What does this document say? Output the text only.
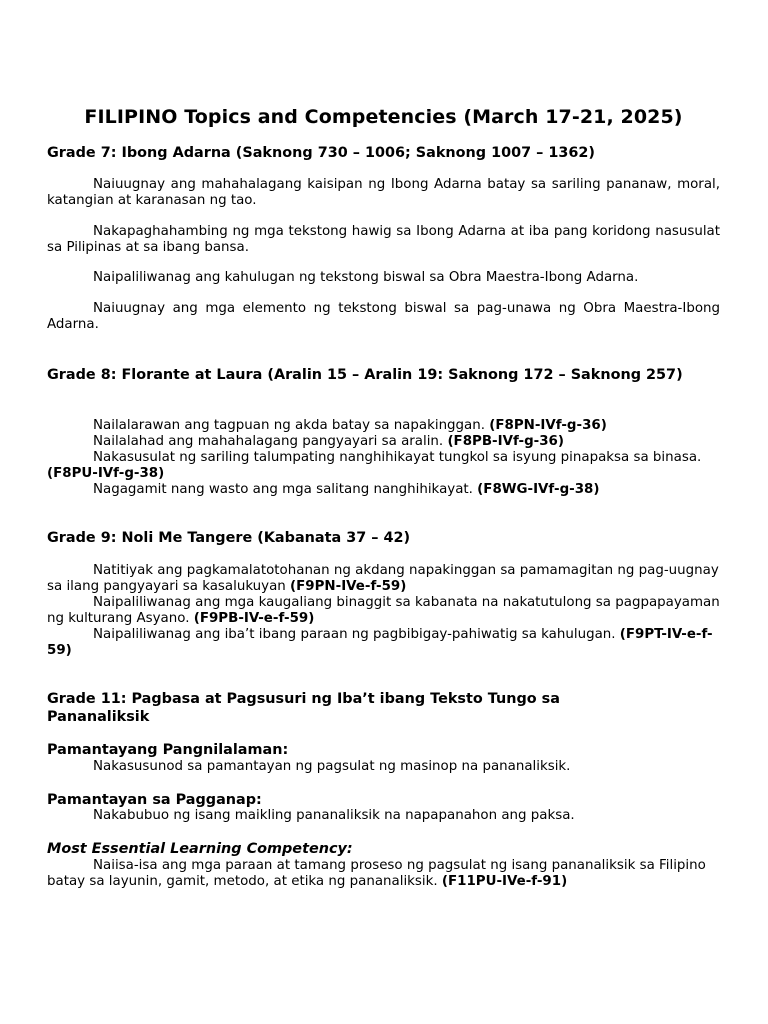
FILIPINO Topics and Competencies (March 17-21, 2025)
Grade 7: Ibong Adarna (Saknong 730 – 1006; Saknong 1007 – 1362)

Naiuugnay ang mahahalagang kaisipan ng Ibong Adarna batay sa sariling pananaw, moral, katangian at karanasan ng tao.

Nakapaghahambing ng mga tekstong hawig sa Ibong Adarna at iba pang koridong nasusulat sa Pilipinas at sa ibang bansa.

Naipaliliwanag ang kahulugan ng tekstong biswal sa Obra Maestra-Ibong Adarna.

Naiuugnay ang mga elemento ng tekstong biswal sa pag-unawa ng Obra Maestra-Ibong Adarna.

Grade 8: Florante at Laura (Aralin 15 – Aralin 19: Saknong 172 – Saknong 257)

Nailalarawan ang tagpuan ng akda batay sa napakinggan. (F8PN-IVf-g-36)

Nailalahad ang mahahalagang pangyayari sa aralin. (F8PB-IVf-g-36)

Nakasusulat ng sariling talumpating nanghihikayat tungkol sa isyung pinapaksa sa binasa. (F8PU-IVf-g-38)

Nagagamit nang wasto ang mga salitang nanghihikayat. (F8WG-IVf-g-38)

Grade 9: Noli Me Tangere (Kabanata 37 – 42)

Natitiyak ang pagkamalatotohanan ng akdang napakinggan sa pamamagitan ng pag-uugnay sa ilang pangyayari sa kasalukuyan (F9PN-IVe-f-59)

Naipaliliwanag ang mga kaugaliang binaggit sa kabanata na nakatutulong sa pagpapayaman ng kulturang Asyano. (F9PB-IV-e-f-59)

Naipaliliwanag ang iba’t ibang paraan ng pagbibigay-pahiwatig sa kahulugan. (F9PT-IV-e-f-59)

Grade 11: Pagbasa at Pagsusuri ng Iba’t ibang Teksto Tungo sa Pananaliksik
Pamantayang Pangnilalaman:

Nakasusunod sa pamantayan ng pagsulat ng masinop na pananaliksik.

Pamantayan sa Pagganap:

Nakabubuo ng isang maikling pananaliksik na napapanahon ang paksa.

Most Essential Learning Competency:

Naiisa-isa ang mga paraan at tamang proseso ng pagsulat ng isang pananaliksik sa Filipino batay sa layunin, gamit, metodo, at etika ng pananaliksik. (F11PU-IVe-f-91)
